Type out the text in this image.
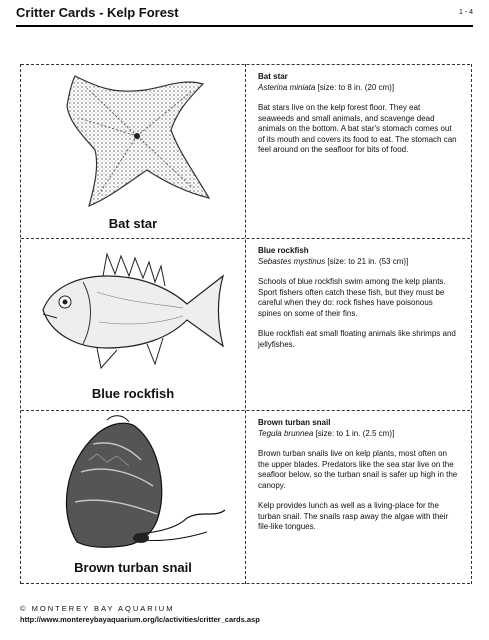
Critter Cards - Kelp Forest	1 - 4
Bat star
Bat star
Asterina miniata [size: to 8 in. (20 cm)]

Bat stars live on the kelp forest floor. They eat seaweeds and small animals, and scavenge dead animals on the bottom. A bat star's stomach comes out of its mouth and covers its food to eat. The stomach can feel around on the seafloor for bits of food.

Blue rockfish
Blue rockfish
Sebastes mystinus [size: to 21 in. (53 cm)]

Schools of blue rockfish swim among the kelp plants. Sport fishers often catch these fish, but they must be careful when they do: rock fishes have poisonous spines on some of their fins.

Blue rockfish eat small floating animals like shrimps and jellyfishes.

Brown turban snail
Brown turban snail
Tegula brunnea [size: to 1 in. (2.5 cm)]

Brown turban snails live on kelp plants, most often on the upper blades. Predators like the sea star live on the seafloor below, so the turban snail is safer up high in the canopy.

Kelp provides lunch as well as a living-place for the turban snail. The snails rasp away the algae with their file-like tongues.

© MONTEREY BAY AQUARIUM
http://www.montereybayaquarium.org/lc/activities/critter_cards.asp
